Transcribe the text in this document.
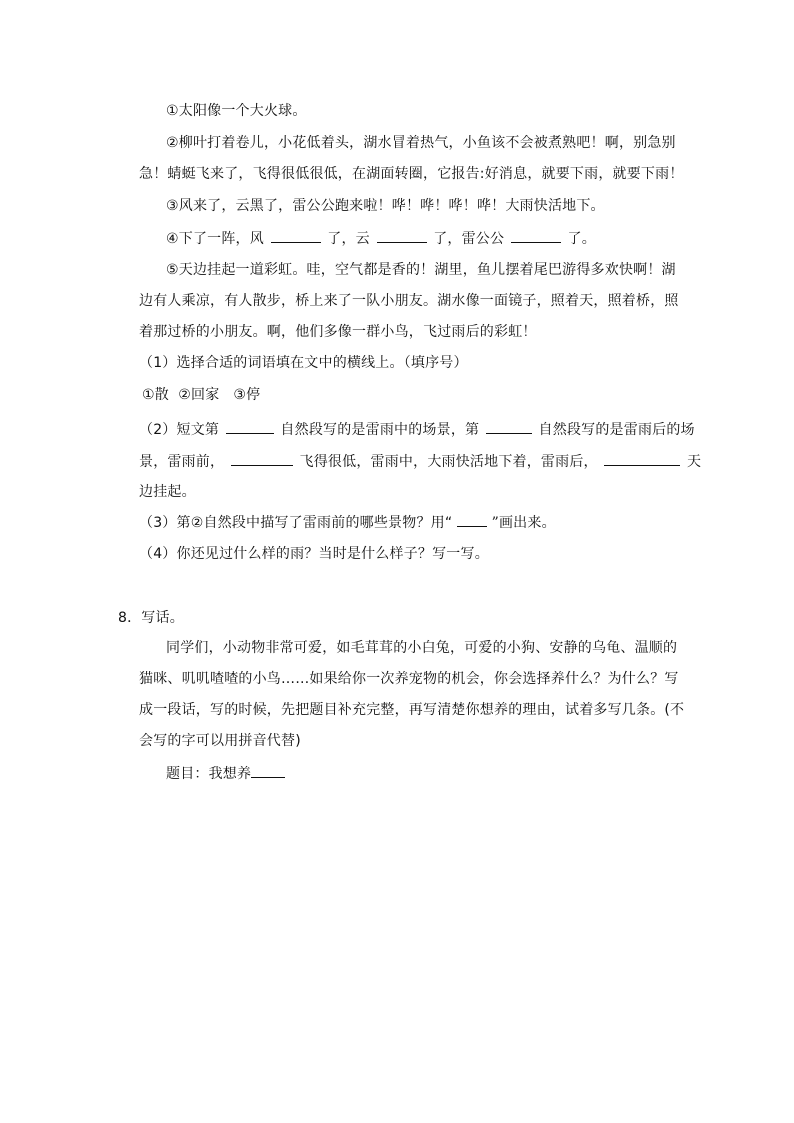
①太阳像一个大火球。
②柳叶打着卷儿，小花低着头，湖水冒着热气，小鱼该不会被煮熟吧！啊，别急别
急！蜻蜓飞来了，飞得很低很低，在湖面转圈，它报告:好消息，就要下雨，就要下雨！
③风来了，云黑了，雷公公跑来啦！哗！哗！哗！哗！大雨快活地下。
④下了一阵，风	了，云	了，雷公公	了。
⑤天边挂起一道彩虹。哇，空气都是香的！湖里，鱼儿摆着尾巴游得多欢快啊！湖
边有人乘凉，有人散步，桥上来了一队小朋友。湖水像一面镜子，照着天，照着桥，照
着那过桥的小朋友。啊，他们多像一群小鸟，飞过雨后的彩虹！
（1）选择合适的词语填在文中的横线上。（填序号）
①散  ②回家   ③停
（2）短文第	自然段写的是雷雨中的场景，第	自然段写的是雷雨后的场
景，雷雨前，	飞得很低，雷雨中，大雨快活地下着，雷雨后，	天
边挂起。
（3）第②自然段中描写了雷雨前的哪些景物？用“	”画出来。
（4）你还见过什么样的雨？当时是什么样子？写一写。
8．写话。
同学们，小动物非常可爱，如毛茸茸的小白兔，可爱的小狗、安静的乌龟、温顺的
猫咪、叽叽喳喳的小鸟……如果给你一次养宠物的机会，你会选择养什么？为什么？写
成一段话，写的时候，先把题目补充完整，再写清楚你想养的理由，试着多写几条。(不
会写的字可以用拼音代替)
题目：我想养
